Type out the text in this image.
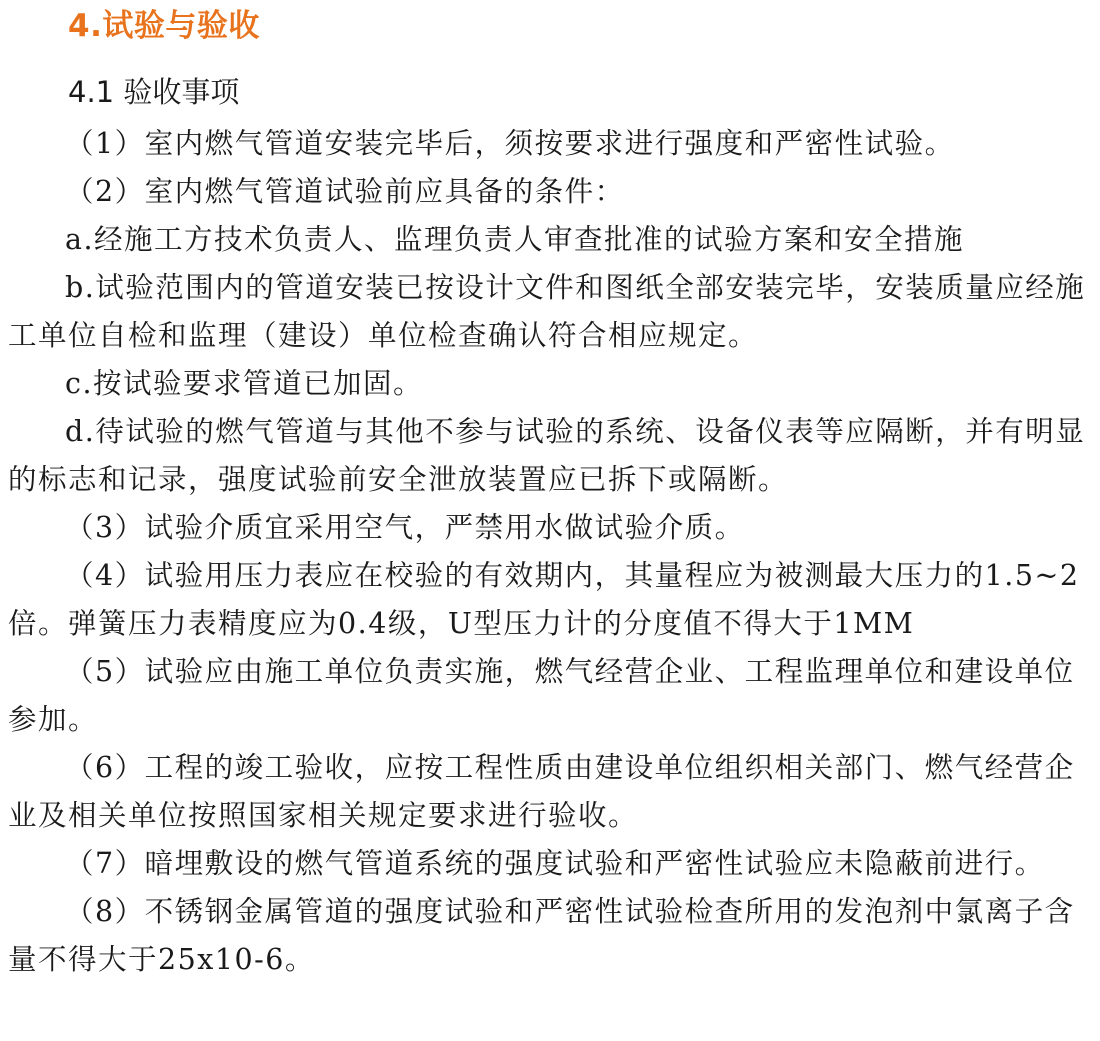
4.试验与验收
4.1 验收事项

（1）室内燃气管道安装完毕后，须按要求进行强度和严密性试验。

（2）室内燃气管道试验前应具备的条件：

a.经施工方技术负责人、监理负责人审查批准的试验方案和安全措施

b.试验范围内的管道安装已按设计文件和图纸全部安装完毕，安装质量应经施工单位自检和监理（建设）单位检查确认符合相应规定。

c.按试验要求管道已加固。

d.待试验的燃气管道与其他不参与试验的系统、设备仪表等应隔断，并有明显的标志和记录，强度试验前安全泄放装置应已拆下或隔断。

（3）试验介质宜采用空气，严禁用水做试验介质。

（4）试验用压力表应在校验的有效期内，其量程应为被测最大压力的1.5~2倍。弹簧压力表精度应为0.4级，U型压力计的分度值不得大于1MM

（5）试验应由施工单位负责实施，燃气经营企业、工程监理单位和建设单位参加。

（6）工程的竣工验收，应按工程性质由建设单位组织相关部门、燃气经营企业及相关单位按照国家相关规定要求进行验收。

（7）暗埋敷设的燃气管道系统的强度试验和严密性试验应未隐蔽前进行。

（8）不锈钢金属管道的强度试验和严密性试验检查所用的发泡剂中氯离子含量不得大于25x10-6。
